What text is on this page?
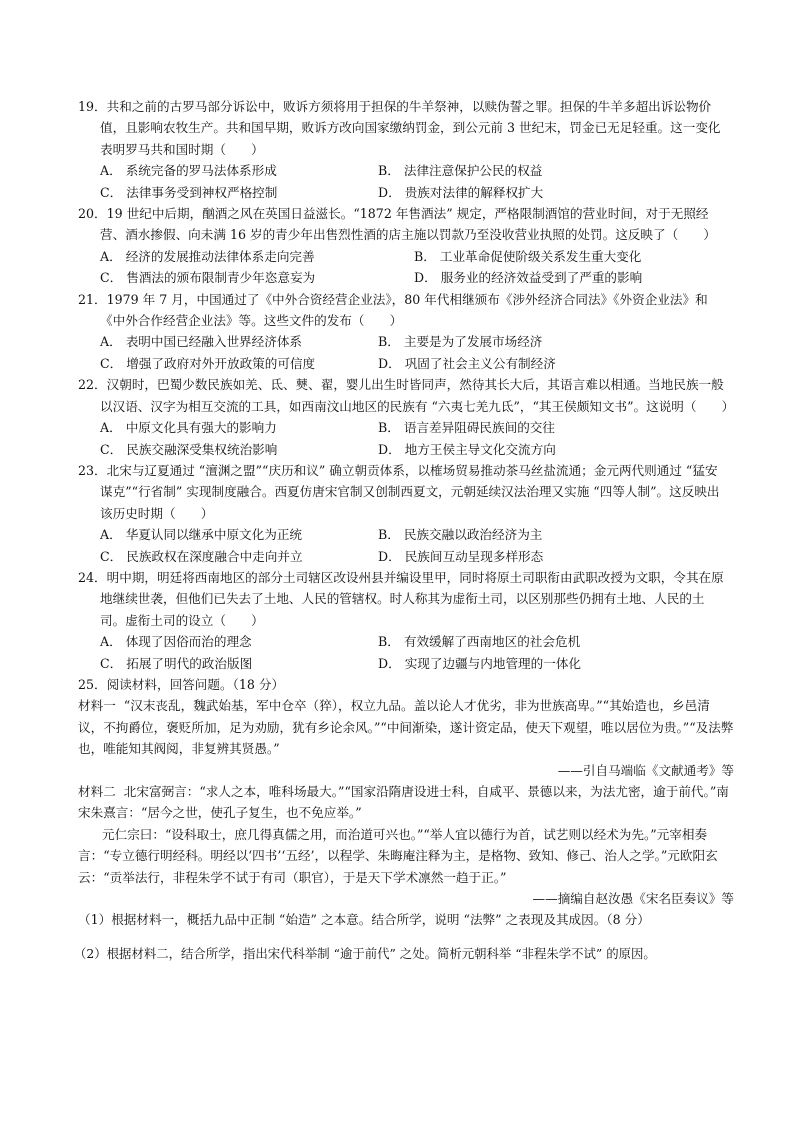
19．共和之前的古罗马部分诉讼中，败诉方须将用于担保的牛羊祭神，以赎伪誓之罪。担保的牛羊多超出诉讼物价值，且影响农牧生产。共和国早期，败诉方改向国家缴纳罚金，到公元前 3 世纪末，罚金已无足轻重。这一变化表明罗马共和国时期（　　）
A． 系统完备的罗马法体系形成	B． 法律注意保护公民的权益
C． 法律事务受到神权严格控制	D． 贵族对法律的解释权扩大
20．19 世纪中后期，酗酒之风在英国日益滋长。“1872 年售酒法” 规定，严格限制酒馆的营业时间，对于无照经营、酒水掺假、向未满 16 岁的青少年出售烈性酒的店主施以罚款乃至没收营业执照的处罚。这反映了（　　）
A． 经济的发展推动法律体系走向完善	B． 工业革命促使阶级关系发生重大变化
C． 售酒法的颁布限制青少年恣意妄为	D． 服务业的经济效益受到了严重的影响
21．1979 年 7 月，中国通过了《中外合资经营企业法》，80 年代相继颁布《涉外经济合同法》《外资企业法》和《中外合作经营企业法》等。这些文件的发布（　　）
A． 表明中国已经融入世界经济体系	B． 主要是为了发展市场经济
C． 增强了政府对外开放政策的可信度	D． 巩固了社会主义公有制经济
22．汉朝时，巴蜀少数民族如羌、氐、僰、翟，婴儿出生时皆同声，然待其长大后，其语言难以相通。当地民族一般以汉语、汉字为相互交流的工具，如西南汶山地区的民族有 “六夷七羌九氐”，“其王侯颇知文书”。这说明（　　）
A． 中原文化具有强大的影响力	B． 语言差异阻碍民族间的交往
C． 民族交融深受集权统治影响	D． 地方王侯主导文化交流方向
23．北宋与辽夏通过 “澶渊之盟”“庆历和议” 确立朝贡体系，以榷场贸易推动茶马丝盐流通；金元两代则通过 “猛安谋克”“行省制” 实现制度融合。西夏仿唐宋官制又创制西夏文，元朝延续汉法治理又实施 “四等人制”。这反映出该历史时期（　　）
A． 华夏认同以继承中原文化为正统	B． 民族交融以政治经济为主
C． 民族政权在深度融合中走向并立	D． 民族间互动呈现多样形态
24．明中期，明廷将西南地区的部分土司辖区改设州县并编设里甲，同时将原土司职衔由武职改授为文职，令其在原地继续世袭，但他们已失去了土地、人民的管辖权。时人称其为虚衔土司，以区别那些仍拥有土地、人民的土司。虚衔土司的设立（　　）
A． 体现了因俗而治的理念	B． 有效缓解了西南地区的社会危机
C． 拓展了明代的政治版图	D． 实现了边疆与内地管理的一体化
25．阅读材料，回答问题。（18 分）
材料一 “汉末丧乱，魏武始基，军中仓卒（猝），权立九品。盖以论人才优劣，非为世族高卑。”“其始造也，乡邑清议，不拘爵位，褒贬所加，足为劝励，犹有乡论余风。”“中间渐染，遂计资定品，使天下观望，唯以居位为贵。”“及法弊也，唯能知其阀阅，非复辨其贤愚。”
——引自马端临《文献通考》等
材料二 北宋富弼言：“求人之本，唯科场最大。”“国家沿隋唐设进士科，自咸平、景德以来，为法尤密，逾于前代。”南宋朱熹言：“居今之世，使孔子复生，也不免应举。”
元仁宗曰：“设科取士，庶几得真儒之用，而治道可兴也。”“举人宜以德行为首，试艺则以经术为先。”元宰相奏言：“专立德行明经科。明经以‘四书’‘五经’，以程学、朱晦庵注释为主，是格物、致知、修己、治人之学。”元欧阳玄云：“贡举法行，非程朱学不试于有司（职官），于是天下学术凛然一趋于正。”
——摘编自赵汝愚《宋名臣奏议》等
（1）根据材料一，概括九品中正制 “始造” 之本意。结合所学，说明 “法弊” 之表现及其成因。（8 分）
（2）根据材料二，结合所学，指出宋代科举制 “逾于前代” 之处。简析元朝科举 “非程朱学不试” 的原因。
